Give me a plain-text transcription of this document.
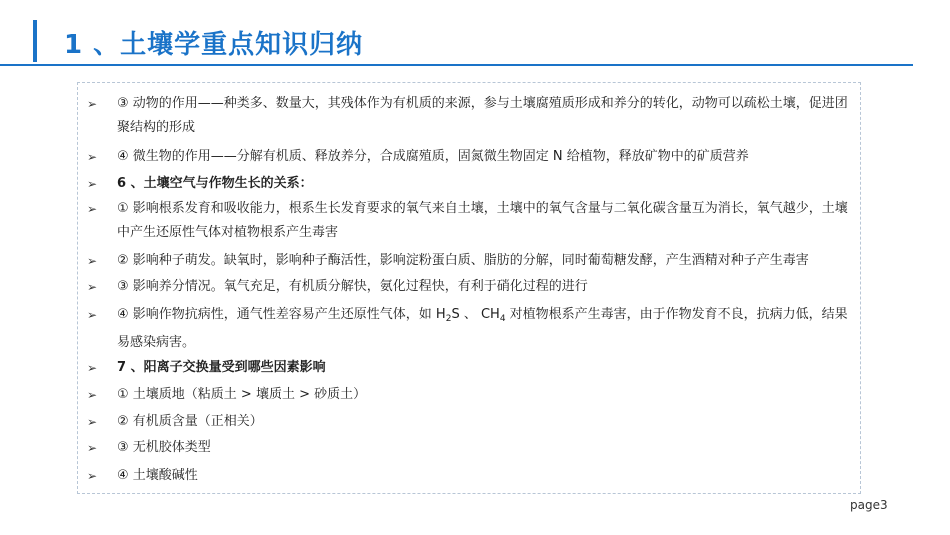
1 、土壤学重点知识归纳
➢	③ 动物的作用——种类多、数量大，其残体作为有机质的来源，参与土壤腐殖质形成和养分的转化，动物可以疏松土壤，促进团聚结构的形成
➢	④ 微生物的作用——分解有机质、释放养分，合成腐殖质，固氮微生物固定 N 给植物，释放矿物中的矿质营养
➢	6 、土壤空气与作物生长的关系：
➢	① 影响根系发育和吸收能力，根系生长发育要求的氧气来自土壤，土壤中的氧气含量与二氧化碳含量互为消长，氧气越少，土壤中产生还原性气体对植物根系产生毒害
➢	② 影响种子萌发。缺氧时，影响种子酶活性，影响淀粉蛋白质、脂肪的分解，同时葡萄糖发酵，产生酒精对种子产生毒害
➢	③ 影响养分情况。氧气充足，有机质分解快，氨化过程快，有利于硝化过程的进行
➢	④ 影响作物抗病性，通气性差容易产生还原性气体，如 $H_2S$ 、 $CH_4$ 对植物根系产生毒害，由于作物发育不良，抗病力低，结果易感染病害。
➢	7 、阳离子交换量受到哪些因素影响
➢	① 土壤质地（粘质土 > 壤质土 > 砂质土）
➢	② 有机质含量（正相关）
➢	③ 无机胶体类型
➢	④ 土壤酸碱性
page3
